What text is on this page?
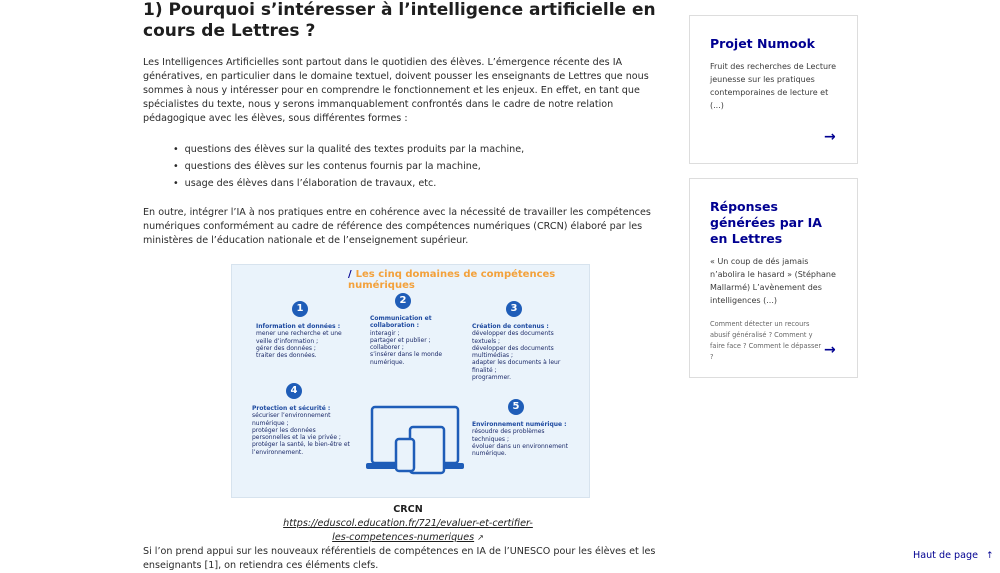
1) Pourquoi s’intéresser à l’intelligence artificielle en cours de Lettres ?

Les Intelligences Artificielles sont partout dans le quotidien des élèves. L’émergence récente des IA génératives, en particulier dans le domaine textuel, doivent pousser les enseignants de Lettres que nous sommes à nous y intéresser pour en comprendre le fonctionnement et les enjeux. En effet, en tant que spécialistes du texte, nous y serons immanquablement confrontés dans le cadre de notre relation pédagogique avec les élèves, sous différentes formes :

• questions des élèves sur la qualité des textes produits par la machine,
• questions des élèves sur les contenus fournis par la machine,
• usage des élèves dans l’élaboration de travaux, etc.

En outre, intégrer l’IA à nos pratiques entre en cohérence avec la nécessité de travailler les compétences numériques conformément au cadre de référence des compétences numériques (CRCN) élaboré par les ministères de l’éducation nationale et de l’enseignement supérieur.

/ Les cinq domaines de compétences numériques
1
Information et données :
mener une recherche et une veille d’information ;
gérer des données ;
traiter des données.
2
Communication et collaboration :
interagir ;
partager et publier ;
collaborer ;
s’insérer dans le monde numérique.
3
Création de contenus :
développer des documents textuels ;
développer des documents multimédias ;
adapter les documents à leur finalité ;
programmer.
4
Protection et sécurité :
sécuriser l’environnement numérique ;
protéger les données personnelles et la vie privée ;
protéger la santé, le bien-être et l’environnement.
5
Environnement numérique :
résoudre des problèmes techniques ;
évoluer dans un environnement numérique.
CRCN
https://eduscol.education.fr/721/evaluer-et-certifier-
les-competences-numeriques ↗

Si l’on prend appui sur les nouveaux référentiels de compétences en IA de l’UNESCO pour les élèves et les enseignants [1], on retiendra ces éléments clefs.

Projet Numook
Fruit des recherches de Lecture jeunesse sur les pratiques contemporaines de lecture et (...)
→
Réponses générées par IA en Lettres
« Un coup de dés jamais n’abolira le hasard » (Stéphane Mallarmé) L’avènement des intelligences (...)
Comment détecter un recours abusif généralisé ? Comment y faire face ? Comment le dépasser ?	→
Haut de page ↑
